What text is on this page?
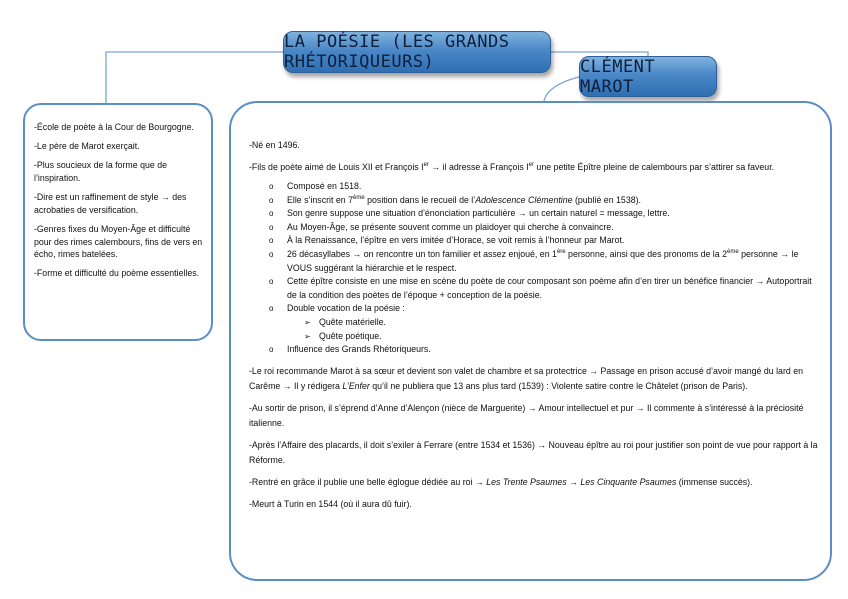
LA POÉSIE (LES GRANDS RHÉTORIQUEURS)	CLÉMENT MAROT

-École de poète à la Cour de Bourgogne.

-Le père de Marot exerçait.

-Plus soucieux de la forme que de l’inspiration.

-Dire est un raffinement de style → des acrobaties de versification.

-Genres fixes du Moyen-Âge et difficulté pour des rimes calembours, fins de vers en écho, rimes batelées.

-Forme et difficulté du poème essentielles.

-Né en 1496.

-Fils de poète aimé de Louis XII et François Ier → il adresse à François Ier une petite Épître pleine de calembours par s’attirer sa faveur.

o Composé en 1518.
o Elle s’inscrit en 7ème position dans le recueil de l’Adolescence Clémentine (publié en 1538).
o Son genre suppose une situation d’énonciation particulière → un certain naturel = message, lettre.
o Au Moyen-Âge, se présente souvent comme un plaidoyer qui cherche à convaincre.
o À la Renaissance, l’épître en vers imitée d’Horace, se voit remis à l’honneur par Marot.
o 26 décasyllabes → on rencontre un ton familier et assez enjoué, en 1ère personne, ainsi que des pronoms de la 2ème personne → le VOUS suggérant la hiérarchie et le respect.
o Cette épître consiste en une mise en scène du poète de cour composant son poème afin d’en tirer un bénéfice financier → Autoportrait de la condition des poètes de l’époque + conception de la poésie.
o Double vocation de la poésie :
➢ Quête matérielle.
➢ Quête poétique.
o Influence des Grands Rhétoriqueurs.

-Le roi recommande Marot à sa sœur et devient son valet de chambre et sa protectrice → Passage en prison accusé d’avoir mangé du lard en Carême → Il y rédigera L’Enfer qu’il ne publiera que 13 ans plus tard (1539) : Violente satire contre le Châtelet (prison de Paris).

-Au sortir de prison, il s’éprend d’Anne d’Alençon (nièce de Marguerite) → Amour intellectuel et pur → Il commente à s’intéressé à la préciosité italienne.

-Après l’Affaire des placards, il doit s’exiler à Ferrare (entre 1534 et 1536) → Nouveau épître au roi pour justifier son point de vue pour rapport à la Réforme.

-Rentré en grâce il publie une belle églogue dédiée au roi → Les Trente Psaumes → Les Cinquante Psaumes (immense succès).

-Meurt à Turin en 1544 (où il aura dû fuir).
